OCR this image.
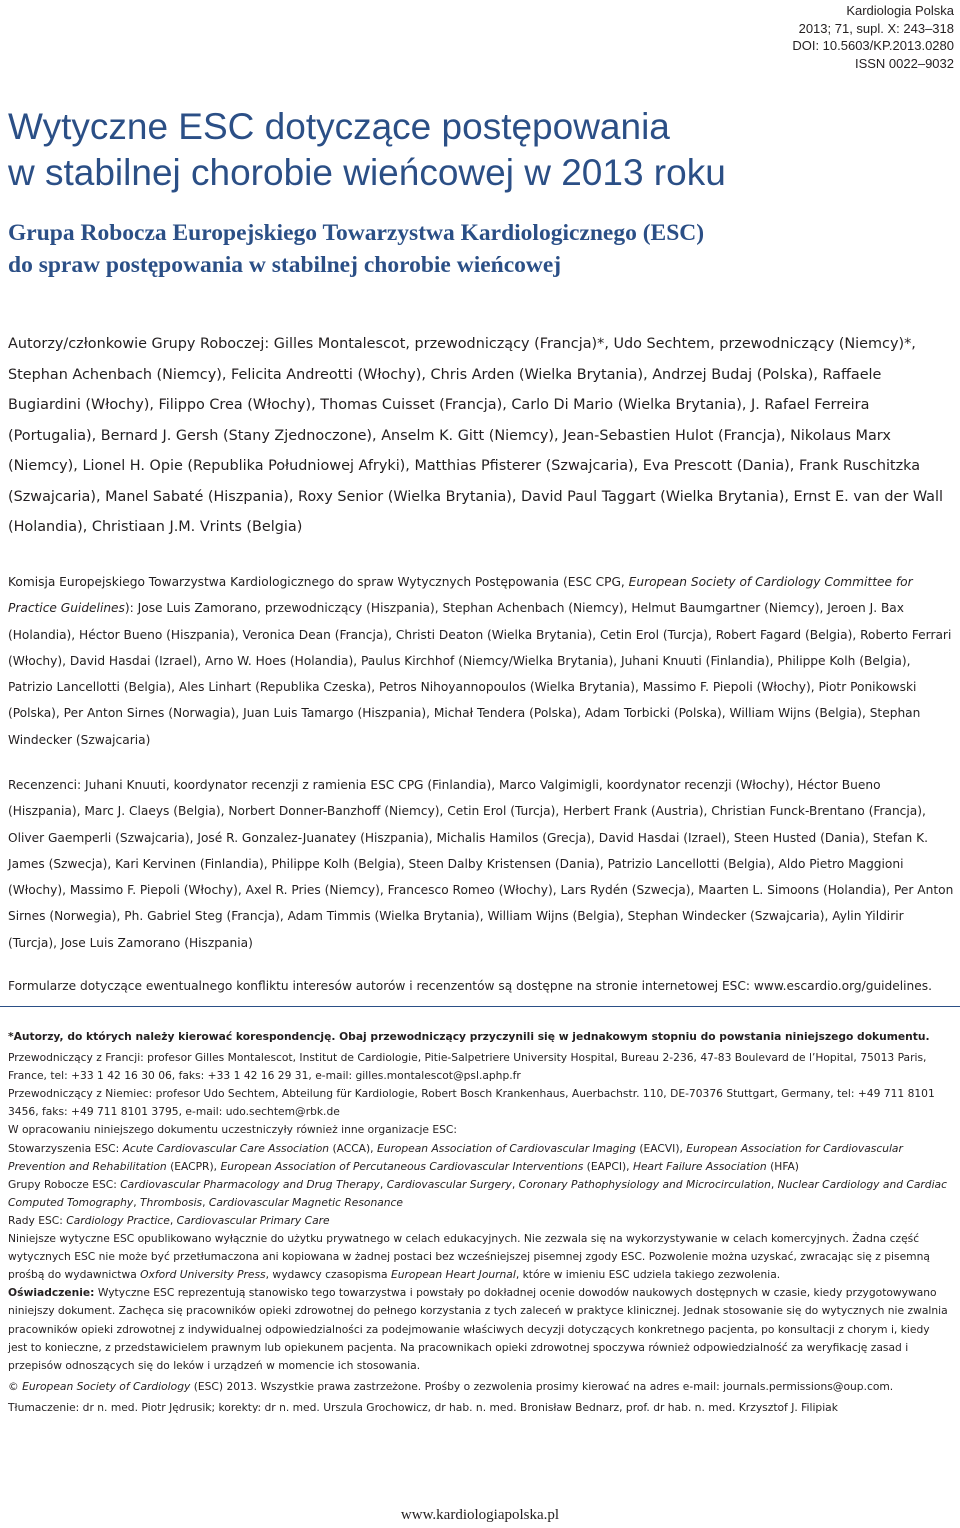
Kardiologia Polska
2013; 71, supl. X: 243–318
DOI: 10.5603/KP.2013.0280
ISSN 0022–9032
Wytyczne ESC dotyczące postępowania
w stabilnej chorobie wieńcowej w 2013 roku
Grupa Robocza Europejskiego Towarzystwa Kardiologicznego (ESC)
do spraw postępowania w stabilnej chorobie wieńcowej

Autorzy/członkowie Grupy Roboczej: Gilles Montalescot, przewodniczący (Francja)*, Udo Sechtem, przewodniczący (Niemcy)*, Stephan Achenbach (Niemcy), Felicita Andreotti (Włochy), Chris Arden (Wielka Brytania), Andrzej Budaj (Polska), Raffaele Bugiardini (Włochy), Filippo Crea (Włochy), Thomas Cuisset (Francja), Carlo Di Mario (Wielka Brytania), J. Rafael Ferreira (Portugalia), Bernard J. Gersh (Stany Zjednoczone), Anselm K. Gitt (Niemcy), Jean-Sebastien Hulot (Francja), Nikolaus Marx (Niemcy), Lionel H. Opie (Republika Południowej Afryki), Matthias Pfisterer (Szwajcaria), Eva Prescott (Dania), Frank Ruschitzka (Szwajcaria), Manel Sabaté (Hiszpania), Roxy Senior (Wielka Brytania), David Paul Taggart (Wielka Brytania), Ernst E. van der Wall (Holandia), Christiaan J.M. Vrints (Belgia)

Komisja Europejskiego Towarzystwa Kardiologicznego do spraw Wytycznych Postępowania (ESC CPG, European Society of Cardiology Committee for Practice Guidelines): Jose Luis Zamorano, przewodniczący (Hiszpania), Stephan Achenbach (Niemcy), Helmut Baumgartner (Niemcy), Jeroen J. Bax (Holandia), Héctor Bueno (Hiszpania), Veronica Dean (Francja), Christi Deaton (Wielka Brytania), Cetin Erol (Turcja), Robert Fagard (Belgia), Roberto Ferrari (Włochy), David Hasdai (Izrael), Arno W. Hoes (Holandia), Paulus Kirchhof (Niemcy/Wielka Brytania), Juhani Knuuti (Finlandia), Philippe Kolh (Belgia), Patrizio Lancellotti (Belgia), Ales Linhart (Republika Czeska), Petros Nihoyannopoulos (Wielka Brytania), Massimo F. Piepoli (Włochy), Piotr Ponikowski (Polska), Per Anton Sirnes (Norwagia), Juan Luis Tamargo (Hiszpania), Michał Tendera (Polska), Adam Torbicki (Polska), William Wijns (Belgia), Stephan Windecker (Szwajcaria)

Recenzenci: Juhani Knuuti, koordynator recenzji z ramienia ESC CPG (Finlandia), Marco Valgimigli, koordynator recenzji (Włochy), Héctor Bueno (Hiszpania), Marc J. Claeys (Belgia), Norbert Donner-Banzhoff (Niemcy), Cetin Erol (Turcja), Herbert Frank (Austria), Christian Funck-Brentano (Francja), Oliver Gaemperli (Szwajcaria), José R. Gonzalez-Juanatey (Hiszpania), Michalis Hamilos (Grecja), David Hasdai (Izrael), Steen Husted (Dania), Stefan K. James (Szwecja), Kari Kervinen (Finlandia), Philippe Kolh (Belgia), Steen Dalby Kristensen (Dania), Patrizio Lancellotti (Belgia), Aldo Pietro Maggioni (Włochy), Massimo F. Piepoli (Włochy), Axel R. Pries (Niemcy), Francesco Romeo (Włochy), Lars Rydén (Szwecja), Maarten L. Simoons (Holandia), Per Anton Sirnes (Norwegia), Ph. Gabriel Steg (Francja), Adam Timmis (Wielka Brytania), William Wijns (Belgia), Stephan Windecker (Szwajcaria), Aylin Yildirir (Turcja), Jose Luis Zamorano (Hiszpania)

Formularze dotyczące ewentualnego konfliktu interesów autorów i recenzentów są dostępne na stronie internetowej ESC: www.escardio.org/guidelines.

*Autorzy, do których należy kierować korespondencję. Obaj przewodniczący przyczynili się w jednakowym stopniu do powstania niniejszego dokumentu.

Przewodniczący z Francji: profesor Gilles Montalescot, Institut de Cardiologie, Pitie-Salpetriere University Hospital, Bureau 2-236, 47-83 Boulevard de l’Hopital, 75013 Paris, France, tel: +33 1 42 16 30 06, faks: +33 1 42 16 29 31, e-mail: gilles.montalescot@psl.aphp.fr

Przewodniczący z Niemiec: profesor Udo Sechtem, Abteilung für Kardiologie, Robert Bosch Krankenhaus, Auerbachstr. 110, DE-70376 Stuttgart, Germany, tel: +49 711 8101 3456, faks: +49 711 8101 3795, e-mail: udo.sechtem@rbk.de

W opracowaniu niniejszego dokumentu uczestniczyły również inne organizacje ESC:

Stowarzyszenia ESC: Acute Cardiovascular Care Association (ACCA), European Association of Cardiovascular Imaging (EACVI), European Association for Cardiovascular Prevention and Rehabilitation (EACPR), European Association of Percutaneous Cardiovascular Interventions (EAPCI), Heart Failure Association (HFA)

Grupy Robocze ESC: Cardiovascular Pharmacology and Drug Therapy, Cardiovascular Surgery, Coronary Pathophysiology and Microcirculation, Nuclear Cardiology and Cardiac Computed Tomography, Thrombosis, Cardiovascular Magnetic Resonance

Rady ESC: Cardiology Practice, Cardiovascular Primary Care

Niniejsze wytyczne ESC opublikowano wyłącznie do użytku prywatnego w celach edukacyjnych. Nie zezwala się na wykorzystywanie w celach komercyjnych. Żadna część wytycznych ESC nie może być przetłumaczona ani kopiowana w żadnej postaci bez wcześniejszej pisemnej zgody ESC. Pozwolenie można uzyskać, zwracając się z pisemną prośbą do wydawnictwa Oxford University Press, wydawcy czasopisma European Heart Journal, które w imieniu ESC udziela takiego zezwolenia.

Oświadczenie: Wytyczne ESC reprezentują stanowisko tego towarzystwa i powstały po dokładnej ocenie dowodów naukowych dostępnych w czasie, kiedy przygotowywano niniejszy dokument. Zachęca się pracowników opieki zdrowotnej do pełnego korzystania z tych zaleceń w praktyce klinicznej. Jednak stosowanie się do wytycznych nie zwalnia pracowników opieki zdrowotnej z indywidualnej odpowiedzialności za podejmowanie właściwych decyzji dotyczących konkretnego pacjenta, po konsultacji z chorym i, kiedy jest to konieczne, z przedstawicielem prawnym lub opiekunem pacjenta. Na pracownikach opieki zdrowotnej spoczywa również odpowiedzialność za weryfikację zasad i przepisów odnoszących się do leków i urządzeń w momencie ich stosowania.

© European Society of Cardiology (ESC) 2013. Wszystkie prawa zastrzeżone. Prośby o zezwolenia prosimy kierować na adres e-mail: journals.permissions@oup.com.

Tłumaczenie: dr n. med. Piotr Jędrusik; korekty: dr n. med. Urszula Grochowicz, dr hab. n. med. Bronisław Bednarz, prof. dr hab. n. med. Krzysztof J. Filipiak

www.kardiologiapolska.pl
